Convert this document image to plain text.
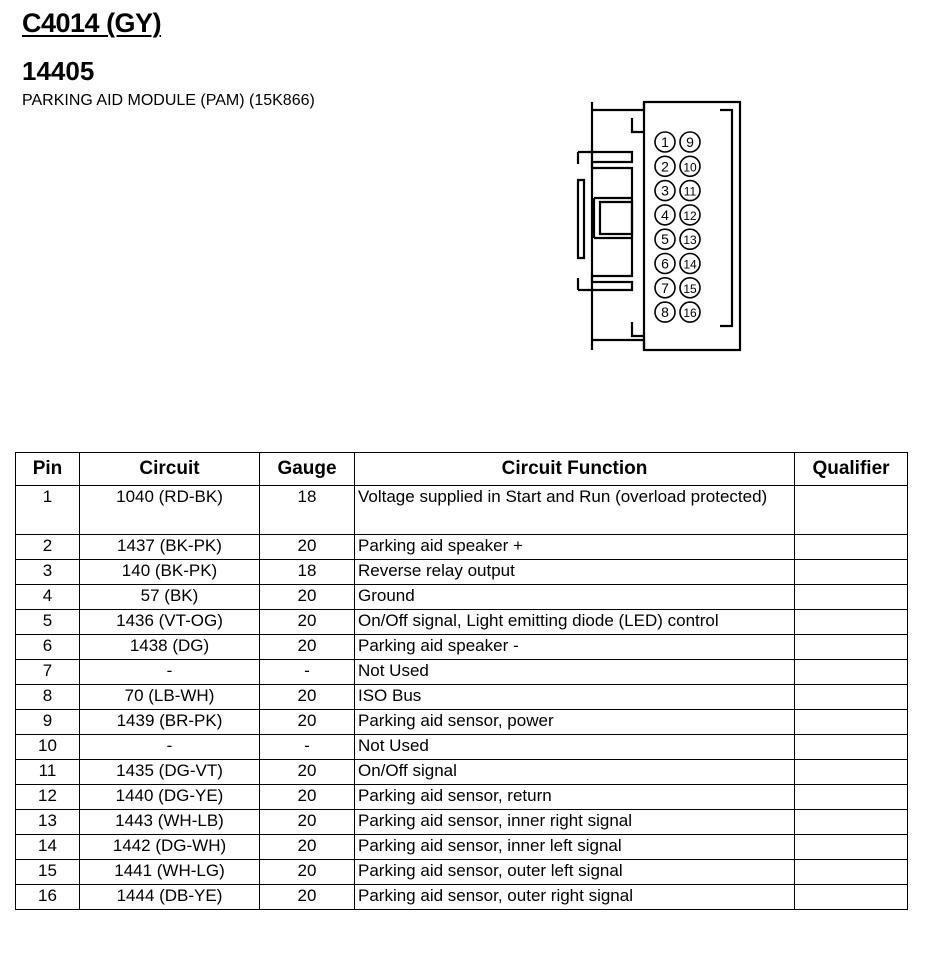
C4014 (GY)
14405
PARKING AID MODULE (PAM) (15K866)
1
2
3
4
5
6
7
8
9
10
11
12
13
14
15
16
Pin	Circuit	Gauge	Circuit Function	Qualifier
1	1040 (RD-BK)	18	Voltage supplied in Start and Run (overload protected)	
2	1437 (BK-PK)	20	Parking aid speaker +	
3	140 (BK-PK)	18	Reverse relay output	
4	57 (BK)	20	Ground	
5	1436 (VT-OG)	20	On/Off signal, Light emitting diode (LED) control	
6	1438 (DG)	20	Parking aid speaker -	
7	-	-	Not Used	
8	70 (LB-WH)	20	ISO Bus	
9	1439 (BR-PK)	20	Parking aid sensor, power	
10	-	-	Not Used	
11	1435 (DG-VT)	20	On/Off signal	
12	1440 (DG-YE)	20	Parking aid sensor, return	
13	1443 (WH-LB)	20	Parking aid sensor, inner right signal	
14	1442 (DG-WH)	20	Parking aid sensor, inner left signal	
15	1441 (WH-LG)	20	Parking aid sensor, outer left signal	
16	1444 (DB-YE)	20	Parking aid sensor, outer right signal	
